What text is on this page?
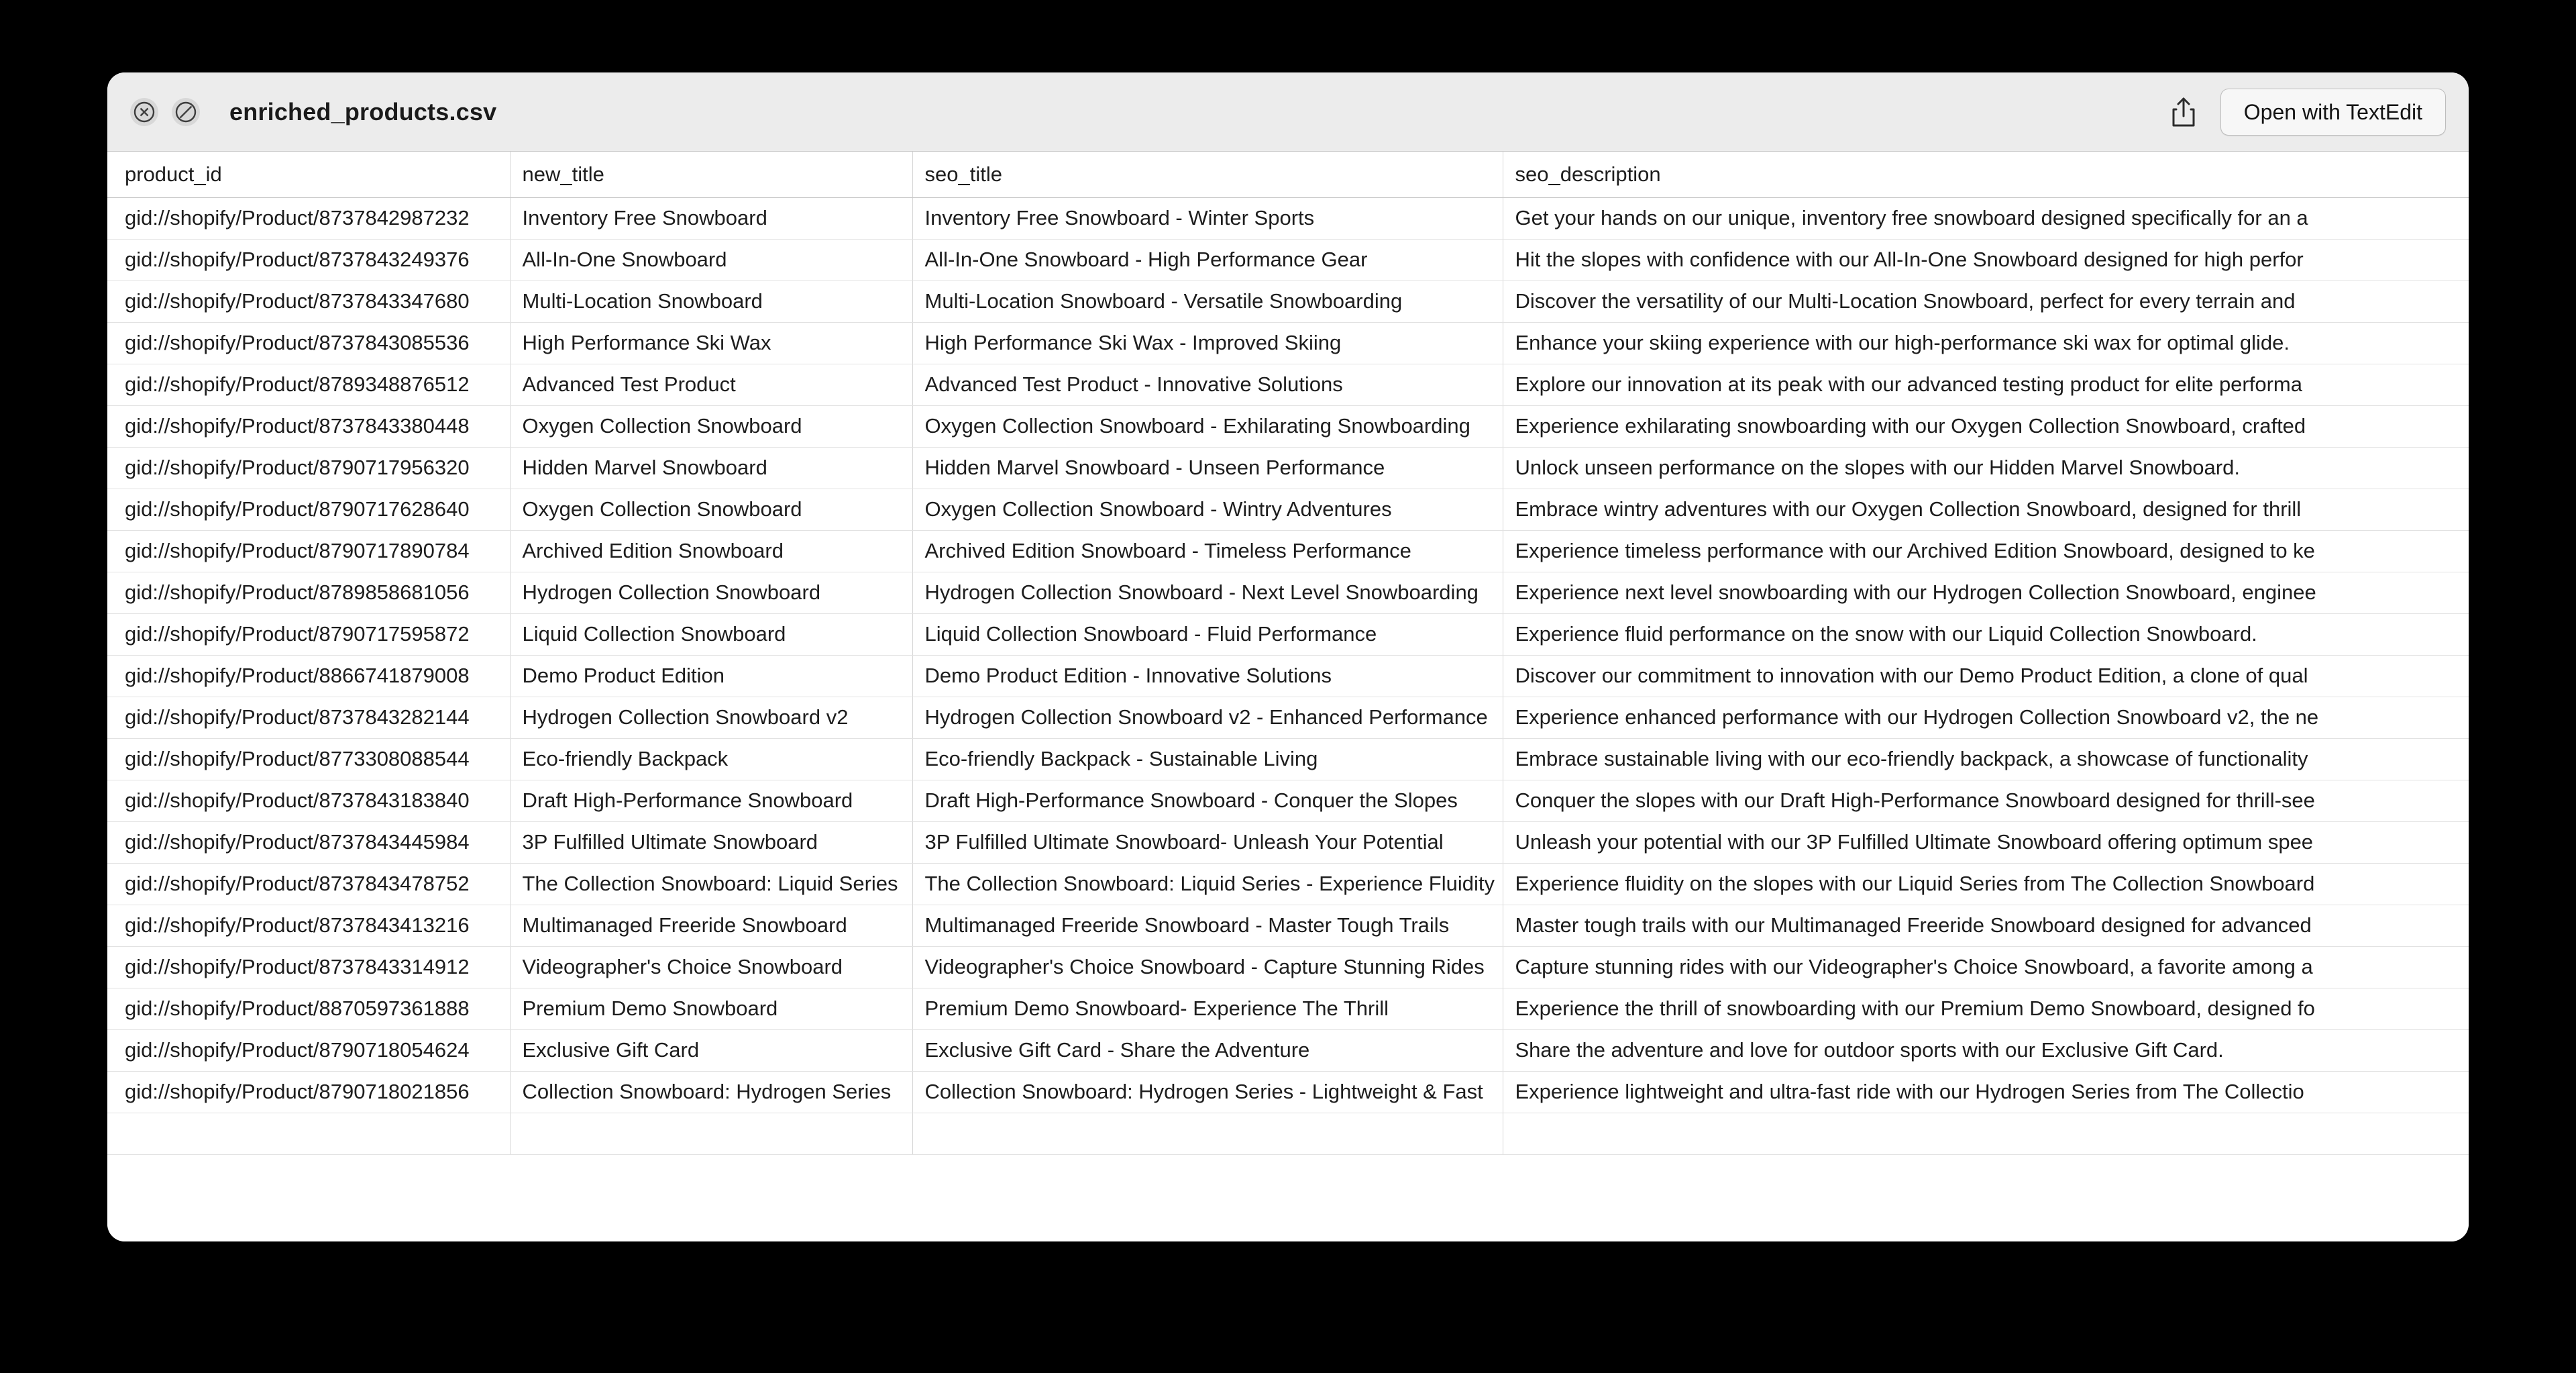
enriched_products.csv	Open with TextEdit
product_id	new_title	seo_title	seo_description
gid://shopify/Product/8737842987232	Inventory Free Snowboard	Inventory Free Snowboard - Winter Sports	Get your hands on our unique, inventory free snowboard designed specifically for an a
gid://shopify/Product/8737843249376	All-In-One Snowboard	All-In-One Snowboard - High Performance Gear	Hit the slopes with confidence with our All-In-One Snowboard designed for high perfor
gid://shopify/Product/8737843347680	Multi-Location Snowboard	Multi-Location Snowboard - Versatile Snowboarding	Discover the versatility of our Multi-Location Snowboard, perfect for every terrain and
gid://shopify/Product/8737843085536	High Performance Ski Wax	High Performance Ski Wax - Improved Skiing	Enhance your skiing experience with our high-performance ski wax for optimal glide.
gid://shopify/Product/8789348876512	Advanced Test Product	Advanced Test Product - Innovative Solutions	Explore our innovation at its peak with our advanced testing product for elite performa
gid://shopify/Product/8737843380448	Oxygen Collection Snowboard	Oxygen Collection Snowboard - Exhilarating Snowboarding	Experience exhilarating snowboarding with our Oxygen Collection Snowboard, crafted
gid://shopify/Product/8790717956320	Hidden Marvel Snowboard	Hidden Marvel Snowboard - Unseen Performance	Unlock unseen performance on the slopes with our Hidden Marvel Snowboard.
gid://shopify/Product/8790717628640	Oxygen Collection Snowboard	Oxygen Collection Snowboard - Wintry Adventures	Embrace wintry adventures with our Oxygen Collection Snowboard, designed for thrill
gid://shopify/Product/8790717890784	Archived Edition Snowboard	Archived Edition Snowboard - Timeless Performance	Experience timeless performance with our Archived Edition Snowboard, designed to ke
gid://shopify/Product/8789858681056	Hydrogen Collection Snowboard	Hydrogen Collection Snowboard - Next Level Snowboarding	Experience next level snowboarding with our Hydrogen Collection Snowboard, enginee
gid://shopify/Product/8790717595872	Liquid Collection Snowboard	Liquid Collection Snowboard - Fluid Performance	Experience fluid performance on the snow with our Liquid Collection Snowboard.
gid://shopify/Product/8866741879008	Demo Product Edition	Demo Product Edition - Innovative Solutions	Discover our commitment to innovation with our Demo Product Edition, a clone of qual
gid://shopify/Product/8737843282144	Hydrogen Collection Snowboard v2	Hydrogen Collection Snowboard v2 - Enhanced Performance	Experience enhanced performance with our Hydrogen Collection Snowboard v2, the ne
gid://shopify/Product/8773308088544	Eco-friendly Backpack	Eco-friendly Backpack - Sustainable Living	Embrace sustainable living with our eco-friendly backpack, a showcase of functionality
gid://shopify/Product/8737843183840	Draft High-Performance Snowboard	Draft High-Performance Snowboard - Conquer the Slopes	Conquer the slopes with our Draft High-Performance Snowboard designed for thrill-see
gid://shopify/Product/8737843445984	3P Fulfilled Ultimate Snowboard	3P Fulfilled Ultimate Snowboard- Unleash Your Potential	Unleash your potential with our 3P Fulfilled Ultimate Snowboard offering optimum spee
gid://shopify/Product/8737843478752	The Collection Snowboard: Liquid Series	The Collection Snowboard: Liquid Series - Experience Fluidity	Experience fluidity on the slopes with our Liquid Series from The Collection Snowboard
gid://shopify/Product/8737843413216	Multimanaged Freeride Snowboard	Multimanaged Freeride Snowboard - Master Tough Trails	Master tough trails with our Multimanaged Freeride Snowboard designed for advanced
gid://shopify/Product/8737843314912	Videographer's Choice Snowboard	Videographer's Choice Snowboard - Capture Stunning Rides	Capture stunning rides with our Videographer's Choice Snowboard, a favorite among a
gid://shopify/Product/8870597361888	Premium Demo Snowboard	Premium Demo Snowboard- Experience The Thrill	Experience the thrill of snowboarding with our Premium Demo Snowboard, designed fo
gid://shopify/Product/8790718054624	Exclusive Gift Card	Exclusive Gift Card - Share the Adventure	Share the adventure and love for outdoor sports with our Exclusive Gift Card.
gid://shopify/Product/8790718021856	Collection Snowboard: Hydrogen Series	Collection Snowboard: Hydrogen Series - Lightweight & Fast	Experience lightweight and ultra-fast ride with our Hydrogen Series from The Collectio
